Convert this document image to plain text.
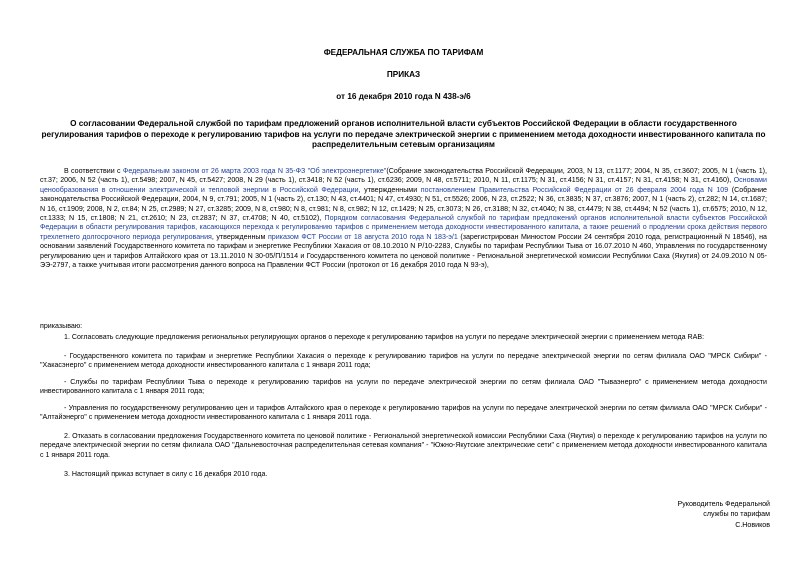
ФЕДЕРАЛЬНАЯ СЛУЖБА ПО ТАРИФАМ
ПРИКАЗ
от 16 декабря 2010 года N 438-э/6
О согласовании Федеральной службой по тарифам предложений органов исполнительной власти субъектов Российской Федерации в области государственного регулирования тарифов о переходе к регулированию тарифов на услуги по передаче электрической энергии с применением метода доходности инвестированного капитала по распределительным сетевым организациям

В соответствии с Федеральным законом от 26 марта 2003 года N 35-ФЗ "Об электроэнергетике"(Собрание законодательства Российской Федерации, 2003, N 13, ст.1177; 2004, N 35, ст.3607; 2005, N 1 (часть 1), ст.37; 2006, N 52 (часть 1), ст.5498; 2007, N 45, ст.5427; 2008, N 29 (часть 1), ст.3418; N 52 (часть 1), ст.6236; 2009, N 48, ст.5711; 2010, N 11, ст.1175; N 31, ст.4156; N 31, ст.4157; N 31, ст.4158; N 31, ст.4160), Основами ценообразования в отношении электрической и тепловой энергии в Российской Федерации, утвержденными постановлением Правительства Российской Федерации от 26 февраля 2004 года N 109 (Собрание законодательства Российской Федерации, 2004, N 9, ст.791; 2005, N 1 (часть 2), ст.130; N 43, ст.4401; N 47, ст.4930; N 51, ст.5526; 2006, N 23, ст.2522; N 36, ст.3835; N 37, ст.3876; 2007, N 1 (часть 2), ст.282; N 14, ст.1687; N 16, ст.1909; 2008, N 2, ст.84; N 25, ст.2989; N 27, ст.3285; 2009, N 8, ст.980; N 8, ст.981; N 8, ст.982; N 12, ст.1429; N 25, ст.3073; N 26, ст.3188; N 32, ст.4040; N 38, ст.4479; N 38, ст.4494; N 52 (часть 1), ст.6575; 2010, N 12, ст.1333; N 15, ст.1808; N 21, ст.2610; N 23, ст.2837; N 37, ст.4708; N 40, ст.5102), Порядком согласования Федеральной службой по тарифам предложений органов исполнительной власти субъектов Российской Федерации в области регулирования тарифов, касающихся перехода к регулированию тарифов с применением метода доходности инвестированного капитала, а также решений о продлении срока действия первого трехлетнего долгосрочного периода регулирования, утвержденным приказом ФСТ России от 18 августа 2010 года N 183-э/1 (зарегистрирован Минюстом России 24 сентября 2010 года, регистрационный N 18546), на основании заявлений Государственного комитета по тарифам и энергетике Республики Хакасия от 08.10.2010 N Р/10-2283, Службы по тарифам Республики Тыва от 16.07.2010 N 460, Управления по государственному регулированию цен и тарифов Алтайского края от 13.11.2010 N 30-05/П/1514 и Государственного комитета по ценовой политике - Региональной энергетической комиссии Республики Саха (Якутия) от 24.09.2010 N 05-ЭЭ-2797, а также учитывая итоги рассмотрения данного вопроса на Правлении ФСТ России (протокол от 16 декабря 2010 года N 93-э),

приказываю:

1. Согласовать следующие предложения региональных регулирующих органов о переходе к регулированию тарифов на услуги по передаче электрической энергии с применением метода RAB:

- Государственного комитета по тарифам и энергетике Республики Хакасия о переходе к регулированию тарифов на услуги по передаче электрической энергии по сетям филиала ОАО "МРСК Сибири" - "Хакасэнерго" с применением метода доходности инвестированного капитала с 1 января 2011 года;

- Службы по тарифам Республики Тыва о переходе к регулированию тарифов на услуги по передаче электрической энергии по сетям филиала ОАО "Тываэнерго" с применением метода доходности инвестированного капитала с 1 января 2011 года;

- Управления по государственному регулированию цен и тарифов Алтайского края о переходе к регулированию тарифов на услуги по передаче электрической энергии по сетям филиала ОАО "МРСК Сибири" - "Алтайэнерго" с применением метода доходности инвестированного капитала с 1 января 2011 года.

2. Отказать в согласовании предложения Государственного комитета по ценовой политике - Региональной энергетической комиссии Республики Саха (Якутия) о переходе к регулированию тарифов на услуги по передаче электрической энергии по сетям филиала ОАО "Дальневосточная распределительная сетевая компания" - "Южно-Якутские электрические сети" с применением метода доходности инвестированного капитала с 1 января 2011 года.

3. Настоящий приказ вступает в силу с 16 декабря 2010 года.

Руководитель Федеральной
службы по тарифам
С.Новиков
